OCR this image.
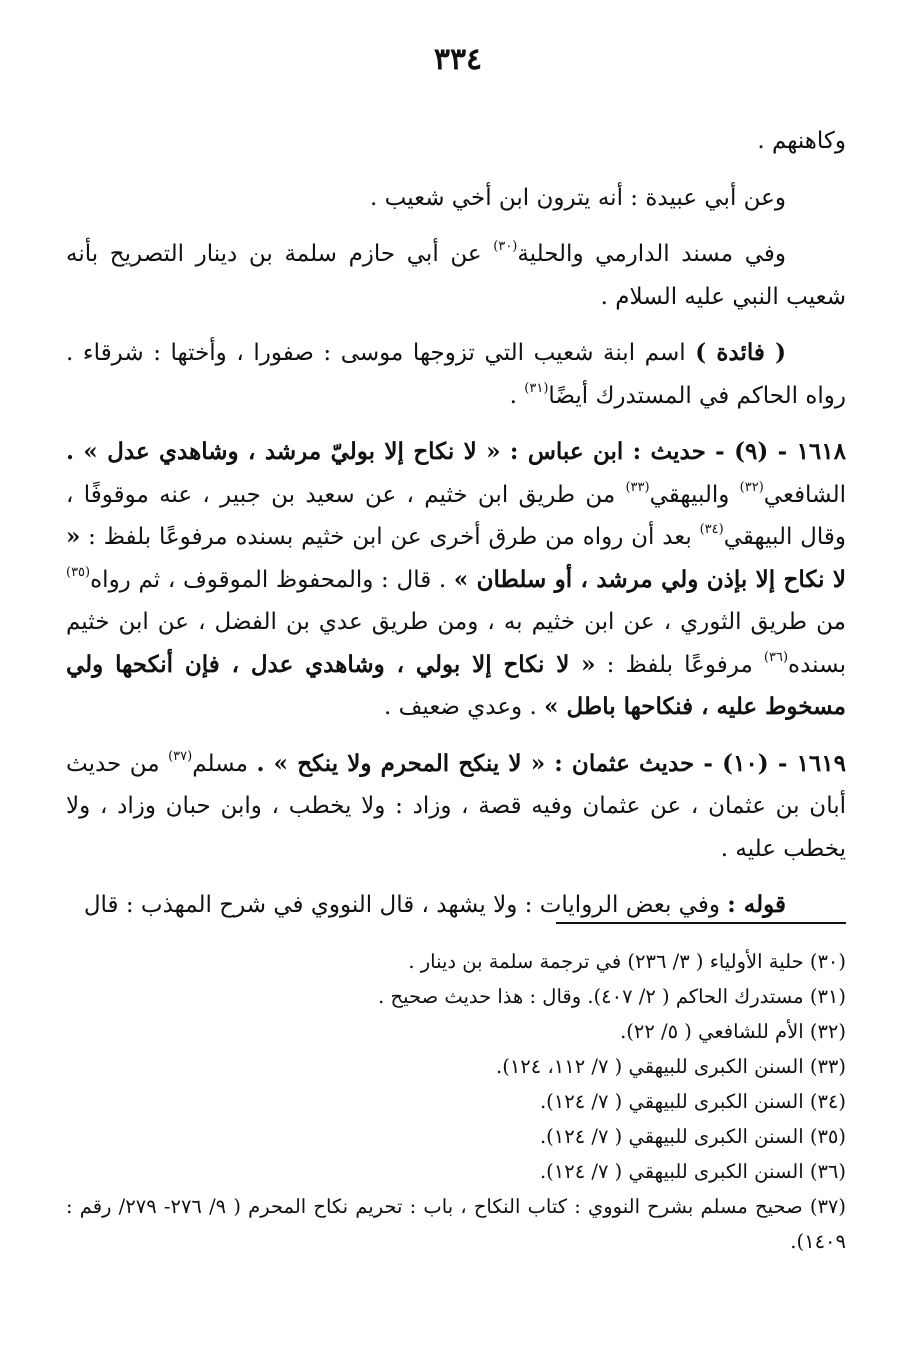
٣٣٤

وكاهنهم .

وعن أبي عبيدة : أنه يترون ابن أخي شعيب .

وفي مسند الدارمي والحلية$^{(٣٠)}$ عن أبي حازم سلمة بن دينار التصريح بأنه شعيب النبي عليه السلام .

( فائدة ) اسم ابنة شعيب التي تزوجها موسى : صفورا ، وأختها : شرقاء . رواه الحاكم في المستدرك أيضًا$^{(٣١)}$ .

١٦١٨ - (٩) - حديث : ابن عباس : « لا نكاح إلا بوليّ مرشد ، وشاهدي عدل » . الشافعي$^{(٣٢)}$ والبيهقي$^{(٣٣)}$ من طريق ابن خثيم ، عن سعيد بن جبير ، عنه موقوفًا ، وقال البيهقي$^{(٣٤)}$ بعد أن رواه من طرق أخرى عن ابن خثيم بسنده مرفوعًا بلفظ : « لا نكاح إلا بإذن ولي مرشد ، أو سلطان » . قال : والمحفوظ الموقوف ، ثم رواه$^{(٣٥)}$ من طريق الثوري ، عن ابن خثيم به ، ومن طريق عدي بن الفضل ، عن ابن خثيم بسنده$^{(٣٦)}$ مرفوعًا بلفظ : « لا نكاح إلا بولي ، وشاهدي عدل ، فإن أنكحها ولي مسخوط عليه ، فنكاحها باطل » . وعدي ضعيف .

١٦١٩ - (١٠) - حديث عثمان : « لا ينكح المحرم ولا ينكح » . مسلم$^{(٣٧)}$ من حديث أبان بن عثمان ، عن عثمان وفيه قصة ، وزاد : ولا يخطب ، وابن حبان وزاد ، ولا يخطب عليه .

قوله : وفي بعض الروايات : ولا يشهد ، قال النووي في شرح المهذب : قال

(٣٠) حلية الأولياء ( ٣/ ٢٣٦) في ترجمة سلمة بن دينار .

(٣١) مستدرك الحاكم ( ٢/ ٤٠٧). وقال : هذا حديث صحيح .

(٣٢) الأم للشافعي ( ٥/ ٢٢).

(٣٣) السنن الكبرى للبيهقي ( ٧/ ١١٢، ١٢٤).

(٣٤) السنن الكبرى للبيهقي ( ٧/ ١٢٤).

(٣٥) السنن الكبرى للبيهقي ( ٧/ ١٢٤).

(٣٦) السنن الكبرى للبيهقي ( ٧/ ١٢٤).

(٣٧) صحيح مسلم بشرح النووي : كتاب النكاح ، باب : تحريم نكاح المحرم ( ٩/ ٢٧٦- ٢٧٩/ رقم : ١٤٠٩).
